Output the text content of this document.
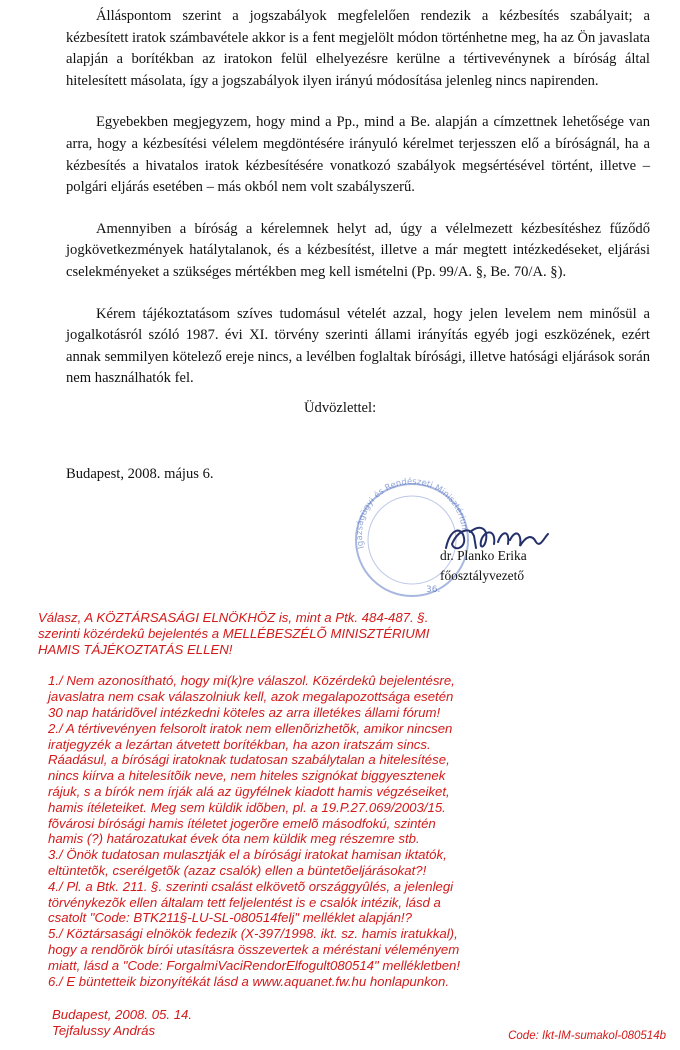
Álláspontom szerint a jogszabályok megfelelően rendezik a kézbesítés szabályait; a kézbesített iratok számbavétele akkor is a fent megjelölt módon történhetne meg, ha az Ön javaslata alapján a borítékban az iratokon felül elhelyezésre kerülne a tértivevénynek a bíróság által hitelesített másolata, így a jogszabályok ilyen irányú módosítása jelenleg nincs napirenden.

Egyebekben megjegyzem, hogy mind a Pp., mind a Be. alapján a címzettnek lehetősége van arra, hogy a kézbesítési vélelem megdöntésére irányuló kérelmet terjesszen elő a bíróságnál, ha a kézbesítés a hivatalos iratok kézbesítésére vonatkozó szabályok megsértésével történt, illetve – polgári eljárás esetében – más okból nem volt szabályszerű.

Amennyiben a bíróság a kérelemnek helyt ad, úgy a vélelmezett kézbesítéshez fűződő jogkövetkezmények hatálytalanok, és a kézbesítést, illetve a már megtett intézkedéseket, eljárási cselekményeket a szükséges mértékben meg kell ismételni (Pp. 99/A. §, Be. 70/A. §).

Kérem tájékoztatásom szíves tudomásul vételét azzal, hogy jelen levelem nem minősül a jogalkotásról szóló 1987. évi XI. törvény szerinti állami irányítás egyéb jogi eszközének, ezért annak semmilyen kötelező ereje nincs, a levélben foglaltak bírósági, illetve hatósági eljárások során nem használhatók fel.

Üdvözlettel:
Budapest, 2008. május 6.
Igazságügyi és Rendészeti Minisztérium
36.
dr. Planko Erika
főosztályvezető
Válasz, A KÖZTÁRSASÁGI ELNÖKHÖZ is, mint a Ptk. 484-487. §.
szerinti közérdekû bejelentés a MELLÉBESZÉLÕ MINISZTÉRIUMI
HAMIS TÁJÉKOZTATÁS ELLEN!
1./ Nem azonosítható, hogy mi(k)re válaszol. Közérdekû bejelentésre,
javaslatra nem csak válaszolniuk kell, azok megalapozottsága esetén
30 nap határidõvel intézkedni köteles az arra illetékes állami fórum!
2./ A tértivevényen felsorolt iratok nem ellenõrizhetõk, amikor nincsen
iratjegyzék a lezártan átvetett borítékban, ha azon iratszám sincs.
Ráadásul, a bírósági iratoknak tudatosan szabálytalan a hitelesítése,
nincs kiírva a hitelesítõik neve, nem hiteles szignókat biggyesztenek
rájuk, s a bírók nem írják alá az ügyfélnek kiadott hamis végzéseiket,
hamis ítéleteiket. Meg sem küldik idõben, pl. a 19.P.27.069/2003/15.
fõvárosi bírósági hamis ítéletet jogerõre emelõ másodfokú, szintén
hamis (?) határozatukat évek óta nem küldik meg részemre stb.
3./ Önök tudatosan mulasztják el a bírósági iratokat hamisan iktatók,
eltüntetõk, cserélgetõk (azaz csalók) ellen a büntetõeljárásokat?!
4./ Pl. a Btk. 211. §. szerinti csalást elkövetõ országgyûlés, a jelenlegi
törvénykezõk ellen általam tett feljelentést is e csalók intézik, lásd a
csatolt "Code: BTK211§-LU-SL-080514felj" melléklet alapján!?
5./ Köztársasági elnökök fedezik (X-397/1998. ikt. sz. hamis iratukkal),
hogy a rendõrök bírói utasításra összevertek a méréstani véleményem
miatt, lásd a "Code: ForgalmiVaciRendorElfogult080514" mellékletben!
6./ E büntetteik bizonyítékát lásd a www.aquanet.fw.hu honlapunkon.
Budapest, 2008. 05. 14.
Tejfalussy András	Code: Ikt-IM-sumakol-080514b
